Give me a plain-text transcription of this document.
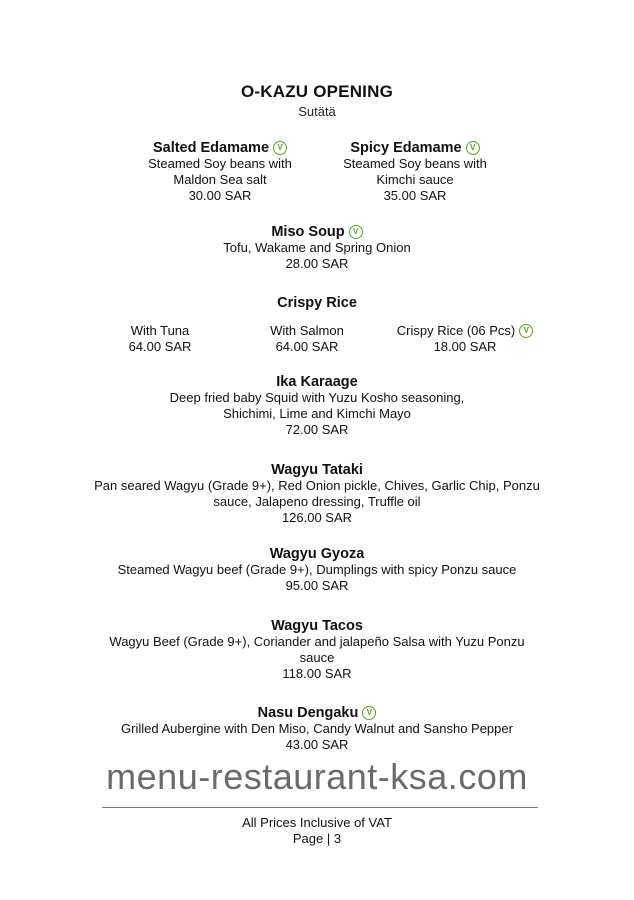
O-KAZU OPENING
Sutätä
Salted Edamame V
Steamed Soy beans with
Maldon Sea salt
30.00 SAR
Spicy Edamame V
Steamed Soy beans with
Kimchi sauce
35.00 SAR
Miso Soup V
Tofu, Wakame and Spring Onion
28.00 SAR
Crispy Rice
With Tuna
64.00 SAR
With Salmon
64.00 SAR
Crispy Rice (06 Pcs) V
18.00 SAR
Ika Karaage
Deep fried baby Squid with Yuzu Kosho seasoning,
Shichimi, Lime and Kimchi Mayo
72.00 SAR
Wagyu Tataki
Pan seared Wagyu (Grade 9+), Red Onion pickle, Chives, Garlic Chip, Ponzu
sauce, Jalapeno dressing, Truffle oil
126.00 SAR
Wagyu Gyoza
Steamed Wagyu beef (Grade 9+), Dumplings with spicy Ponzu sauce
95.00 SAR
Wagyu Tacos
Wagyu Beef (Grade 9+), Coriander and jalapeño Salsa with Yuzu Ponzu
sauce
118.00 SAR
Nasu Dengaku V
Grilled Aubergine with Den Miso, Candy Walnut and Sansho Pepper
43.00 SAR
menu-restaurant-ksa.com
All Prices Inclusive of VAT
Page | 3
